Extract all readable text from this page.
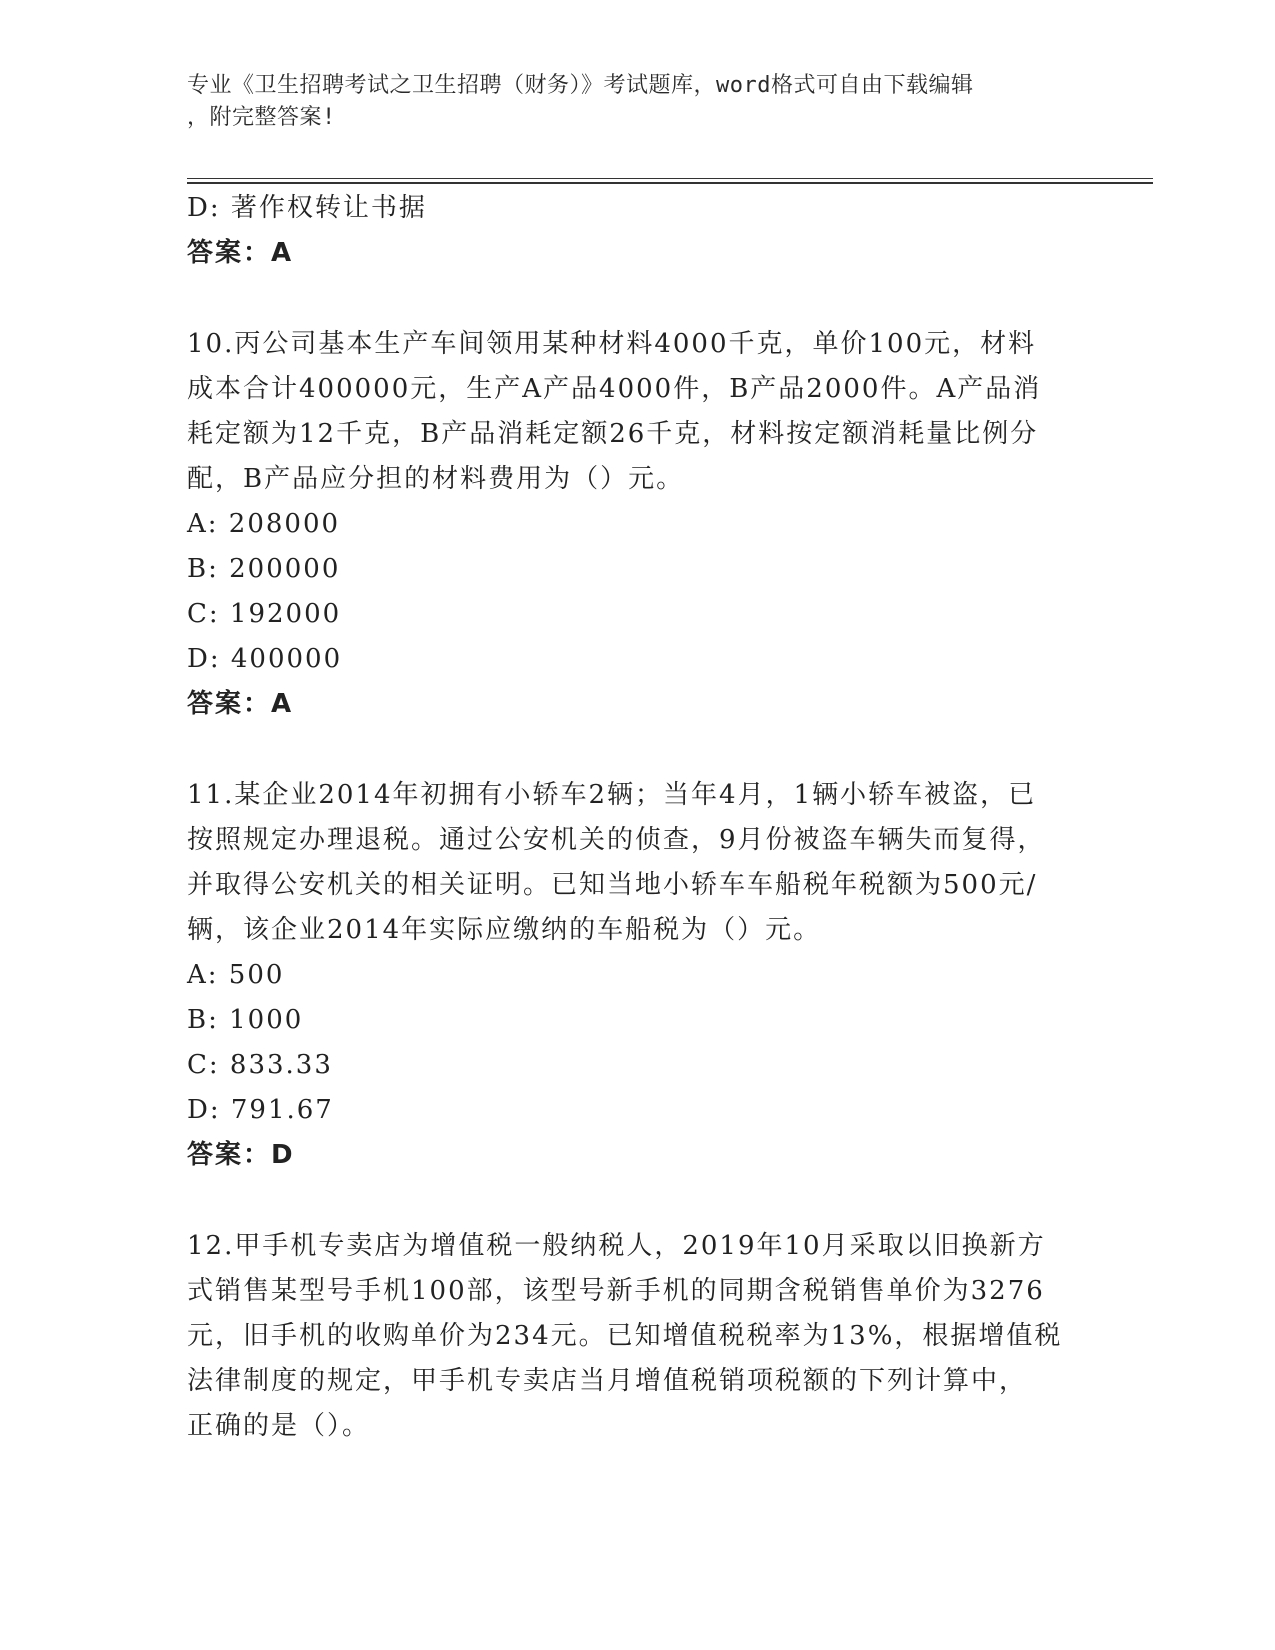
专业《卫生招聘考试之卫生招聘（财务）》考试题库，word格式可自由下载编辑

，附完整答案!

D: 著作权转让书据
答案：A
10.丙公司基本生产车间领用某种材料4000千克，单价100元，材料
成本合计400000元，生产A产品4000件，B产品2000件。A产品消
耗定额为12千克，B产品消耗定额26千克，材料按定额消耗量比例分
配，B产品应分担的材料费用为（）元。
A: 208000
B: 200000
C: 192000
D: 400000
答案：A
11.某企业2014年初拥有小轿车2辆；当年4月，1辆小轿车被盗，已
按照规定办理退税。通过公安机关的侦查，9月份被盗车辆失而复得，
并取得公安机关的相关证明。已知当地小轿车车船税年税额为500元/
辆，该企业2014年实际应缴纳的车船税为（）元。
A: 500
B: 1000
C: 833.33
D: 791.67
答案：D
12.甲手机专卖店为增值税一般纳税人，2019年10月采取以旧换新方
式销售某型号手机100部，该型号新手机的同期含税销售单价为3276
元，旧手机的收购单价为234元。已知增值税税率为13%，根据增值税
法律制度的规定，甲手机专卖店当月增值税销项税额的下列计算中，
正确的是（）。
